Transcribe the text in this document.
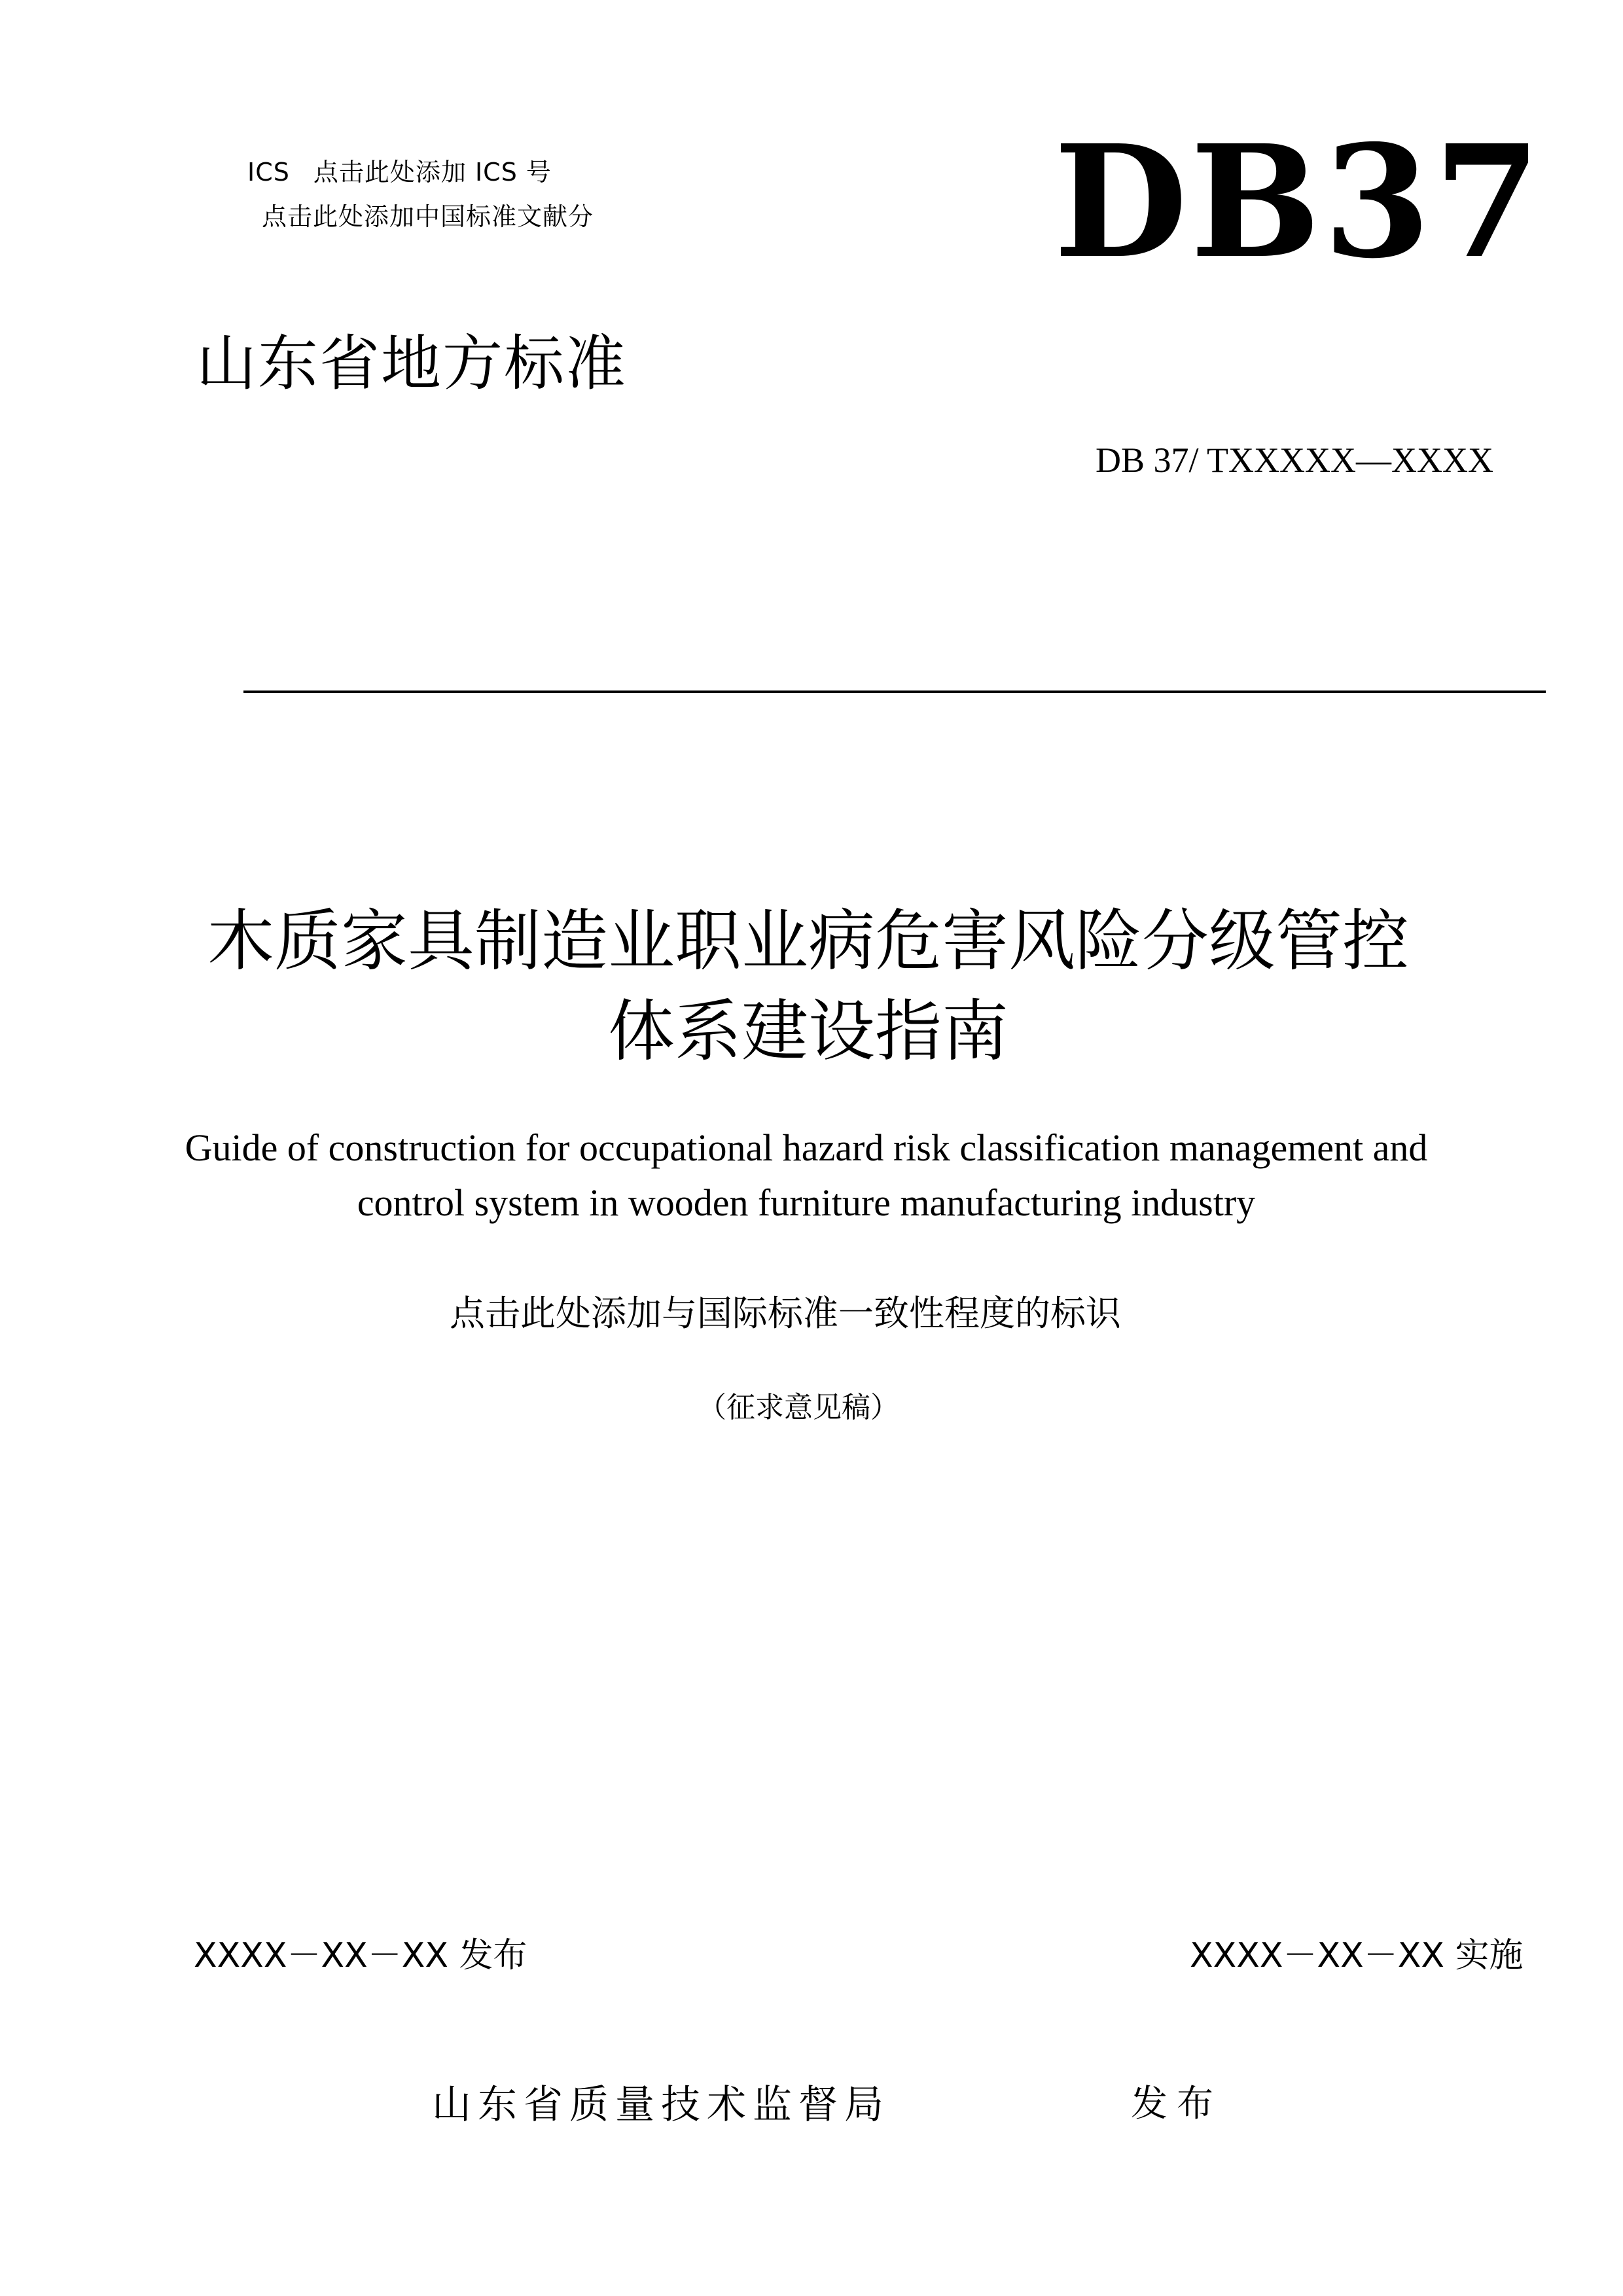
ICS 点击此处添加 ICS 号
点击此处添加中国标准文献分	DB37
山东省地方标准
DB 37/ TXXXXX—XXXX
木质家具制造业职业病危害风险分级管控
体系建设指南
Guide of construction for occupational hazard risk classification management and
control system in wooden furniture manufacturing industry
点击此处添加与国际标准一致性程度的标识
（征求意见稿）
XXXX－XX－XX 发布	XXXX－XX－XX 实施
山东省质量技术监督局	发布
